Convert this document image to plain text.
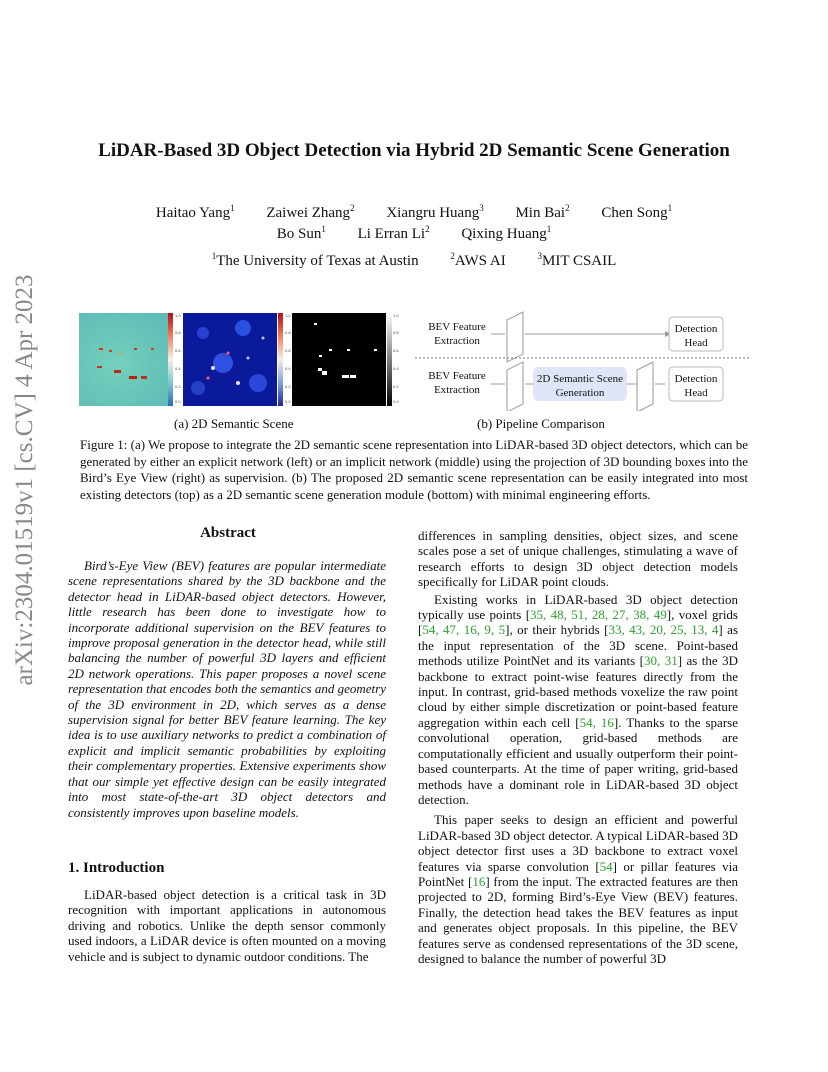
arXiv:2304.01519v1 [cs.CV] 4 Apr 2023
LiDAR-Based 3D Object Detection via Hybrid 2D Semantic Scene Generation
Haitao Yang$^1$ Zaiwei Zhang$^2$ Xiangru Huang$^3$ Min Bai$^2$ Chen Song$^1$
Bo Sun$^1$ Li Erran Li$^2$ Qixing Huang$^1$
$^1$The University of Texas at Austin	$^2$AWS AI	$^3$MIT CSAIL
1.0
0.8
0.6
0.4
0.2
0.0
1.0
0.8
0.6
0.4
0.2
0.0
1.0
0.8
0.6
0.4
0.2
0.0
(a) 2D Semantic Scene
BEV Feature Extraction
Detection Head
BEV Feature Extraction
2D Semantic Scene Generation
Detection Head
(b) Pipeline Comparison
Figure 1: (a) We propose to integrate the 2D semantic scene representation into LiDAR-based 3D object detectors, which can be generated by either an explicit network (left) or an implicit network (middle) using the projection of 3D bounding boxes into the Bird’s Eye View (right) as supervision. (b) The proposed 2D semantic scene representation can be easily integrated into most existing detectors (top) as a 2D semantic scene generation module (bottom) with minimal engineering efforts.
Abstract

Bird’s-Eye View (BEV) features are popular intermediate scene representations shared by the 3D backbone and the detector head in LiDAR-based object detectors. However, little research has been done to investigate how to incorporate additional supervision on the BEV features to improve proposal generation in the detector head, while still balancing the number of powerful 3D layers and efficient 2D network operations. This paper proposes a novel scene representation that encodes both the semantics and geometry of the 3D environment in 2D, which serves as a dense supervision signal for better BEV feature learning. The key idea is to use auxiliary networks to predict a combination of explicit and implicit semantic probabilities by exploiting their complementary properties. Extensive experiments show that our simple yet effective design can be easily integrated into most state-of-the-art 3D object detectors and consistently improves upon baseline models.

1. Introduction

LiDAR-based object detection is a critical task in 3D recognition with important applications in autonomous driving and robotics. Unlike the depth sensor commonly used indoors, a LiDAR device is often mounted on a moving vehicle and is subject to dynamic outdoor conditions. The

differences in sampling densities, object sizes, and scene scales pose a set of unique challenges, stimulating a wave of research efforts to design 3D object detection models specifically for LiDAR point clouds.

Existing works in LiDAR-based 3D object detection typically use points [35, 48, 51, 28, 27, 38, 49], voxel grids [54, 47, 16, 9, 5], or their hybrids [33, 43, 20, 25, 13, 4] as the input representation of the 3D scene. Point-based methods utilize PointNet and its variants [30, 31] as the 3D backbone to extract point-wise features directly from the input. In contrast, grid-based methods voxelize the raw point cloud by either simple discretization or point-based feature aggregation within each cell [54, 16]. Thanks to the sparse convolutional operation, grid-based methods are computationally efficient and usually outperform their point-based counterparts. At the time of paper writing, grid-based methods have a dominant role in LiDAR-based 3D object detection.

This paper seeks to design an efficient and powerful LiDAR-based 3D object detector. A typical LiDAR-based 3D object detector first uses a 3D backbone to extract voxel features via sparse convolution [54] or pillar features via PointNet [16] from the input. The extracted features are then projected to 2D, forming Bird’s-Eye View (BEV) features. Finally, the detection head takes the BEV features as input and generates object proposals. In this pipeline, the BEV features serve as condensed representations of the 3D scene, designed to balance the number of powerful 3D
